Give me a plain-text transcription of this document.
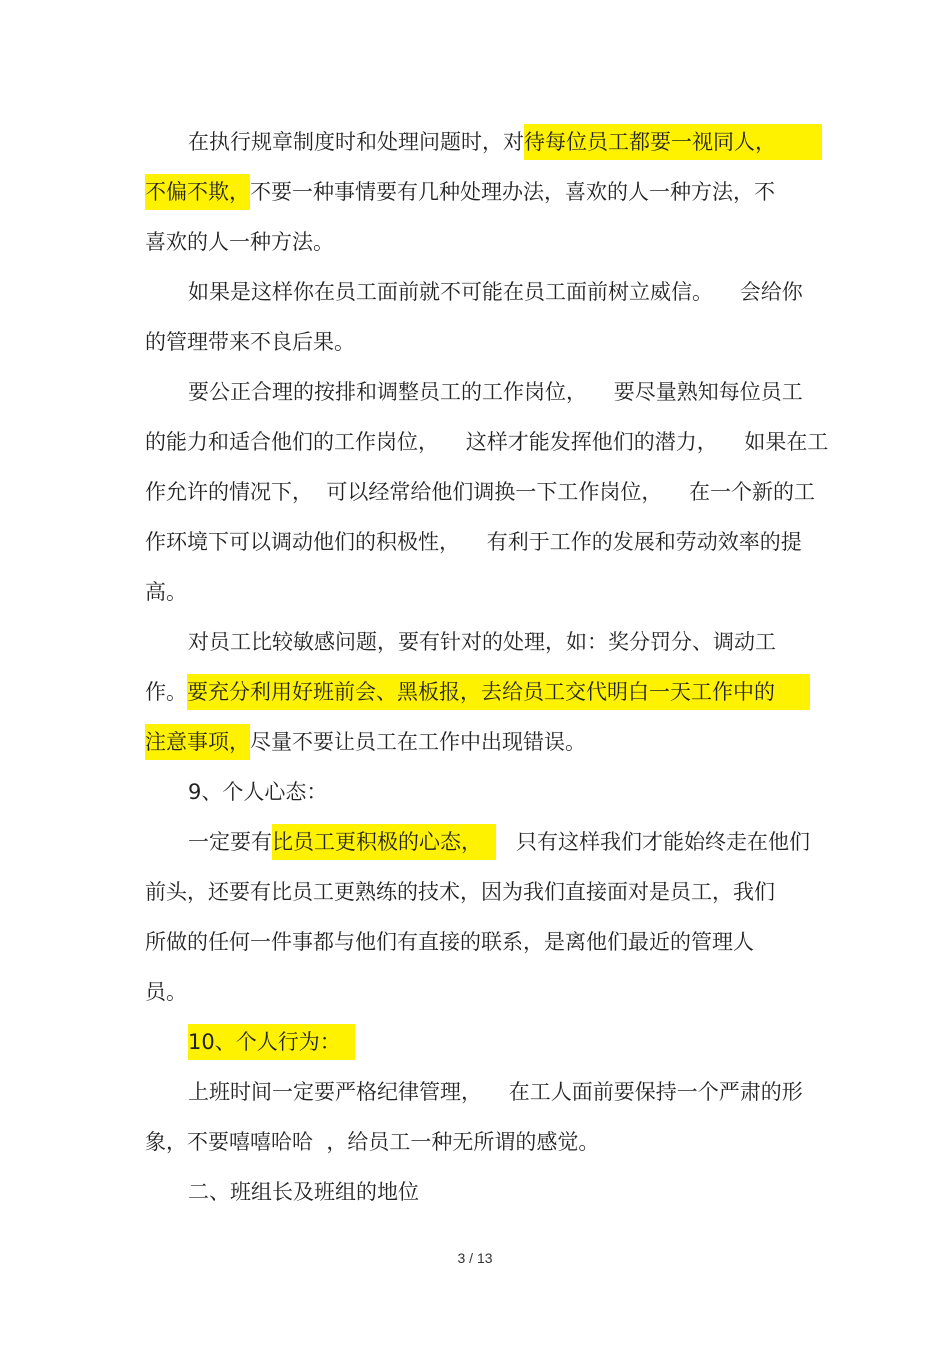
在执行规章制度时和处理问题时，对待每位员工都要一视同人，
不偏不欺，不要一种事情要有几种处理办法，喜欢的人一种方法，不
喜欢的人一种方法。
如果是这样你在员工面前就不可能在员工面前树立威信。    会给你
的管理带来不良后果。
要公正合理的按排和调整员工的工作岗位，    要尽量熟知每位员工
的能力和适合他们的工作岗位，    这样才能发挥他们的潜力，    如果在工
作允许的情况下，  可以经常给他们调换一下工作岗位，    在一个新的工
作环境下可以调动他们的积极性，    有利于工作的发展和劳动效率的提
高。
对员工比较敏感问题，要有针对的处理，如：奖分罚分、调动工
作。要充分利用好班前会、黑板报，去给员工交代明白一天工作中的
注意事项，尽量不要让员工在工作中出现错误。
9、个人心态：
一定要有比员工更积极的心态，   只有这样我们才能始终走在他们
前头，还要有比员工更熟练的技术，因为我们直接面对是员工，我们
所做的任何一件事都与他们有直接的联系，是离他们最近的管理人
员。
10、个人行为：
上班时间一定要严格纪律管理，    在工人面前要保持一个严肃的形
象，不要嘻嘻哈哈  ，给员工一种无所谓的感觉。
二、班组长及班组的地位
3 / 13
